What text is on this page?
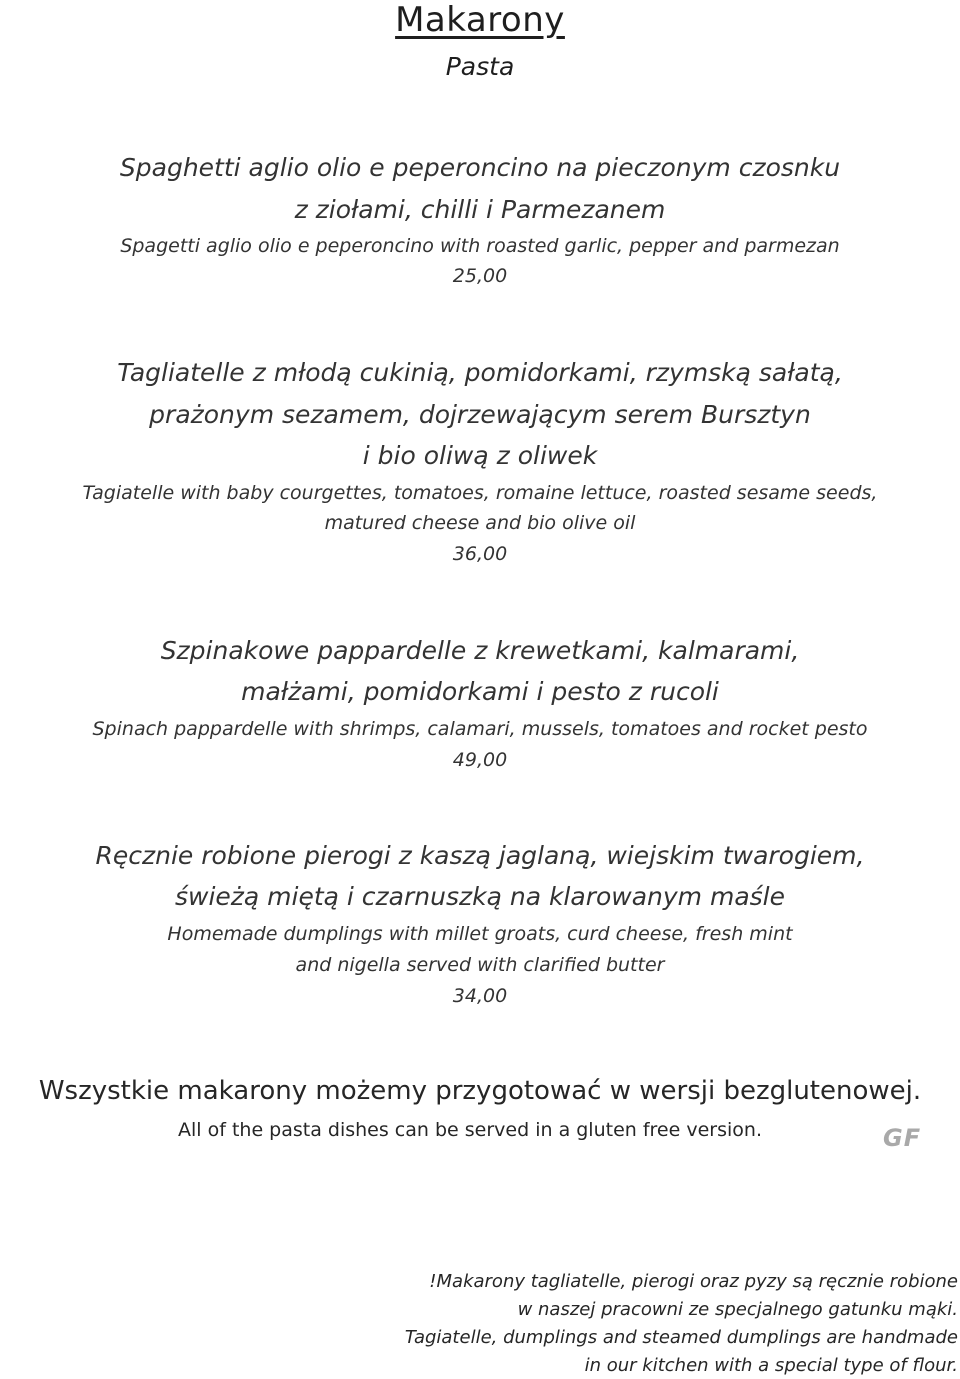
Makarony
Pasta
Spaghetti aglio olio e peperoncino na pieczonym czosnku
z ziołami, chilli i Parmezanem
Spagetti aglio olio e peperoncino with roasted garlic, pepper and parmezan
25,00
Tagliatelle z młodą cukinią, pomidorkami, rzymską sałatą,
prażonym sezamem, dojrzewającym serem Bursztyn
i bio oliwą z oliwek
Tagiatelle with baby courgettes, tomatoes, romaine lettuce, roasted sesame seeds,
matured cheese and bio olive oil
36,00
Szpinakowe pappardelle z krewetkami, kalmarami,
małżami, pomidorkami i pesto z rucoli
Spinach pappardelle with shrimps, calamari, mussels, tomatoes and rocket pesto
49,00
Ręcznie robione pierogi z kaszą jaglaną, wiejskim twarogiem,
świeżą miętą i czarnuszką na klarowanym maśle
Homemade dumplings with millet groats, curd cheese, fresh mint
and nigella served with clarified butter
34,00
Wszystkie makarony możemy przygotować w wersji bezglutenowej.
All of the pasta dishes can be served in a gluten free version.	GF
!Makarony tagliatelle, pierogi oraz pyzy są ręcznie robione
w naszej pracowni ze specjalnego gatunku mąki.
Tagiatelle, dumplings and steamed dumplings are handmade
in our kitchen with a special type of flour.
